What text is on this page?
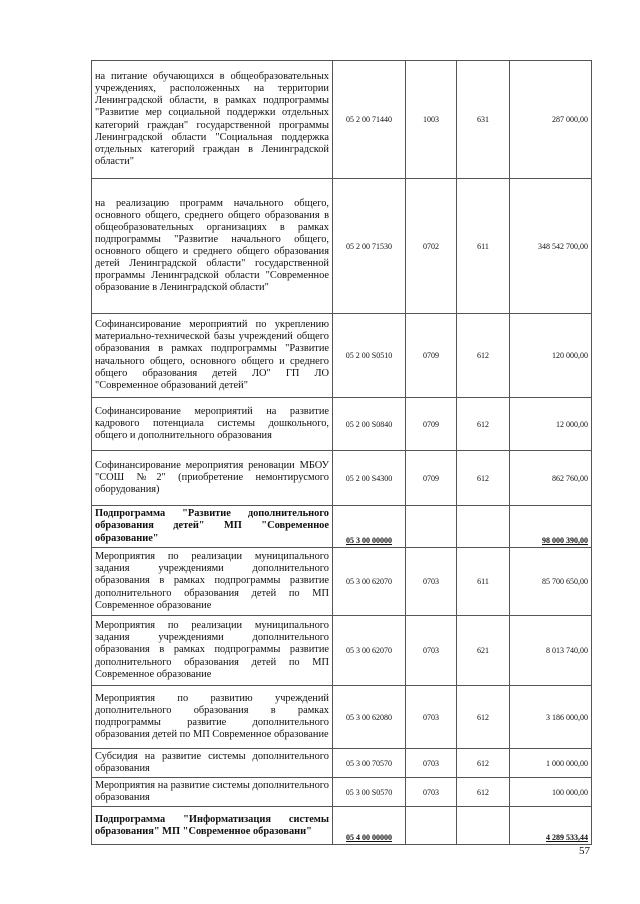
на питание обучающихся в общеобразовательных учреждениях, расположенных на территории Ленинградской области, в рамках подпрограммы "Развитие мер социальной поддержки отдельных категорий граждан" государственной программы Ленинградской области "Социальная поддержка отдельных категорий граждан в Ленинградской области"	05 2 00 71440	1003	631	287 000,00
на реализацию программ начального общего, основного общего, среднего общего образования в общеобразовательных организациях в рамках подпрограммы "Развитие начального общего, основного общего и среднего общего образования детей Ленинградской области" государственной программы Ленинградской области "Современное образование в Ленинградской области"	05 2 00 71530	0702	611	348 542 700,00
Софинансирование мероприятий по укреплению материально-технической базы учреждений общего образования в рамках подпрограммы "Развитие начального общего, основного общего и среднего общего образования детей ЛО" ГП ЛО "Современное образований детей"	05 2 00 S0510	0709	612	120 000,00
Софинансирование мероприятий на развитие кадрового потенциала системы дошкольного, общего и дополнительного образования	05 2 00 S0840	0709	612	12 000,00
Софинансирование мероприятия реновации МБОУ "СОШ №2" (приобретение немонтирусмого оборудования)	05 2 00 S4300	0709	612	862 760,00
Подпрограмма "Развитие дополнительного образования детей" МП "Современное образование"	05 3 00 00000			98 000 390,00
Мероприятия по реализации муниципального задания учреждениями дополнительного образования в рамках подпрограммы развитие дополнительного образования детей по МП Современное образование	05 3 00 62070	0703	611	85 700 650,00
Мероприятия по реализации муниципального задания учреждениями дополнительного образования в рамках подпрограммы развитие дополнительного образования детей по МП Современное образование	05 3 00 62070	0703	621	8 013 740,00
Мероприятия по развитию учреждений дополнительного образования в рамках подпрограммы развитие дополнительного образования детей по МП Современное образование	05 3 00 62080	0703	612	3 186 000,00
Субсидия на развитие системы дополнительного образования	05 3 00 70570	0703	612	1 000 000,00
Мероприятия на развитие системы дополнительного образования	05 3 00 S0570	0703	612	100 000,00
Подпрограмма "Информатизация системы образования" МП "Современное образовани"	05 4 00 00000			4 289 533,44
57
